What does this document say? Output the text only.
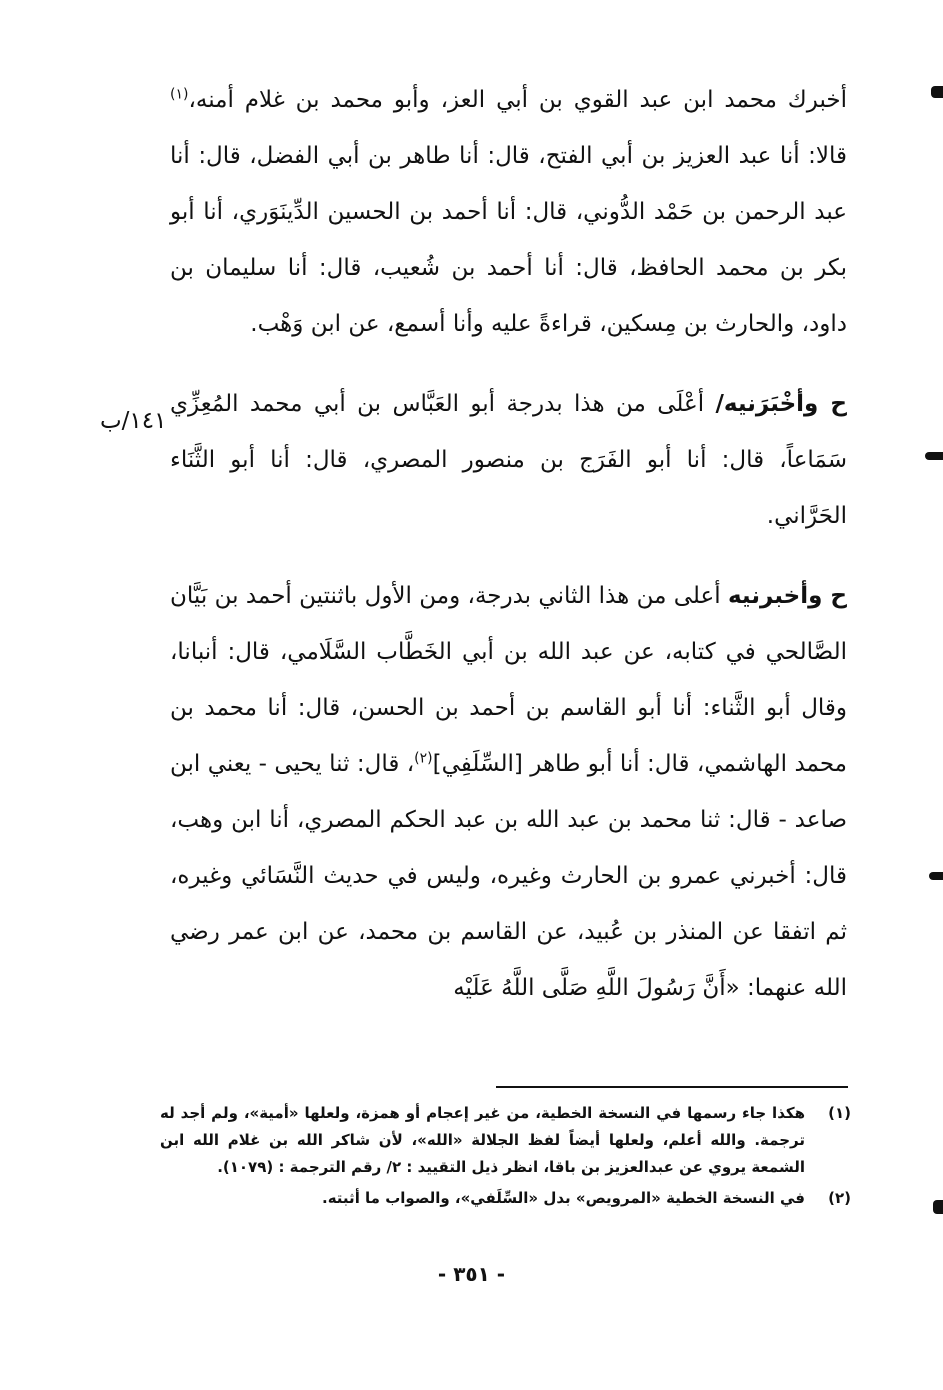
أخبرك محمد ابن عبد القوي بن أبي العز، وأبو محمد بن غلام أمنه،$^{(١)}$ قالا: أنا عبد العزيز بن أبي الفتح، قال: أنا طاهر بن أبي الفضل، قال: أنا عبد الرحمن بن حَمْد الدُّوني، قال: أنا أحمد بن الحسين الدِّينَوَري، أنا أبو بكر بن محمد الحافظ، قال: أنا أحمد بن شُعيب، قال: أنا سليمان بن داود، والحارث بن مِسكين، قراءةً عليه وأنا أسمع، عن ابن وَهْب.

ح وأخْبَرَنيه/ أعْلَى من هذا بدرجة أبو العَبَّاس بن أبي محمد المُعِزِّي سَمَاعاً، قال: أنا أبو الفَرَج بن منصور المصري، قال: أنا أبو الثَّنَاء الحَرَّاني.

ح وأخبرنيه أعلى من هذا الثاني بدرجة، ومن الأول باثنتين أحمد بن بَيَّان الصَّالحي في كتابه، عن عبد الله بن أبي الخَطَّاب السَّلَامي، قال: أنبانا، وقال أبو الثَّناء: أنا أبو القاسم بن أحمد بن الحسن، قال: أنا محمد بن محمد الهاشمي، قال: أنا أبو طاهر [السِّلَفِي]$^{(٢)}$، قال: ثنا يحيى - يعني ابن صاعد - قال: ثنا محمد بن عبد الله بن عبد الحكم المصري، أنا ابن وهب، قال: أخبرني عمرو بن الحارث وغيره، وليس في حديث النَّسَائي وغيره، ثم اتفقا عن المنذر بن عُبيد، عن القاسم بن محمد، عن ابن عمر رضي الله عنهما: «أَنَّ رَسُولَ اللَّهِ صَلَّى اللَّهُ عَلَيْه

١٤١/ب

(١)
هكذا جاء رسمها في النسخة الخطية، من غير إعجام أو همزة، ولعلها «أمية»، ولم أجد له ترجمة. والله أعلم، ولعلها أيضاً لفظ الجلالة «الله»، لأن شاكر الله بن غلام الله ابن الشمعة يروي عن عبدالعزيز بن باقا، انظر ذيل التقييد : ٢/ رقم الترجمة : (١٠٧٩).

(٢)
في النسخة الخطية «المرويص» بدل «السِّلَفي»، والصواب ما أثبته.

- ٣٥١ -
